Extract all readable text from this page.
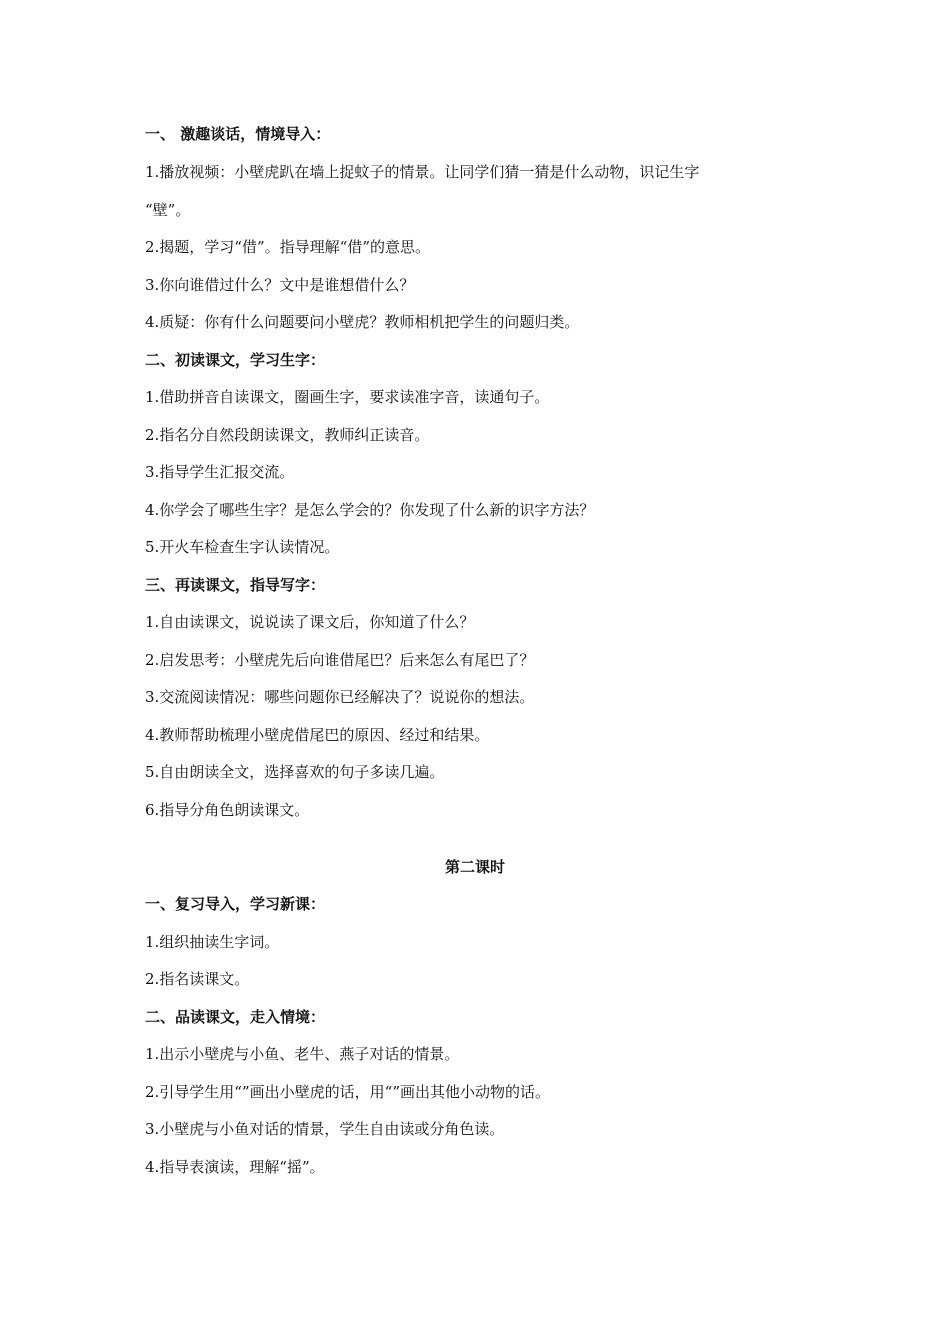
一、 激趣谈话，情境导入：
1.播放视频：小壁虎趴在墙上捉蚊子的情景。让同学们猜一猜是什么动物，识记生字
“壁”。
2.揭题，学习“借”。指导理解“借”的意思。
3.你向谁借过什么？文中是谁想借什么？
4.质疑：你有什么问题要问小壁虎？教师相机把学生的问题归类。
二、初读课文，学习生字：
1.借助拼音自读课文，圈画生字，要求读准字音，读通句子。
2.指名分自然段朗读课文，教师纠正读音。
3.指导学生汇报交流。
4.你学会了哪些生字？是怎么学会的？你发现了什么新的识字方法？
5.开火车检查生字认读情况。
三、再读课文，指导写字：
1.自由读课文，说说读了课文后，你知道了什么？
2.启发思考：小壁虎先后向谁借尾巴？后来怎么有尾巴了？
3.交流阅读情况：哪些问题你已经解决了？说说你的想法。
4.教师帮助梳理小壁虎借尾巴的原因、经过和结果。
5.自由朗读全文，选择喜欢的句子多读几遍。
6.指导分角色朗读课文。
第二课时
一、复习导入，学习新课：
1.组织抽读生字词。
2.指名读课文。
二、品读课文，走入情境：
1.出示小壁虎与小鱼、老牛、燕子对话的情景。
2.引导学生用“”画出小壁虎的话，用“”画出其他小动物的话。
3.小壁虎与小鱼对话的情景，学生自由读或分角色读。
4.指导表演读，理解“摇”。
